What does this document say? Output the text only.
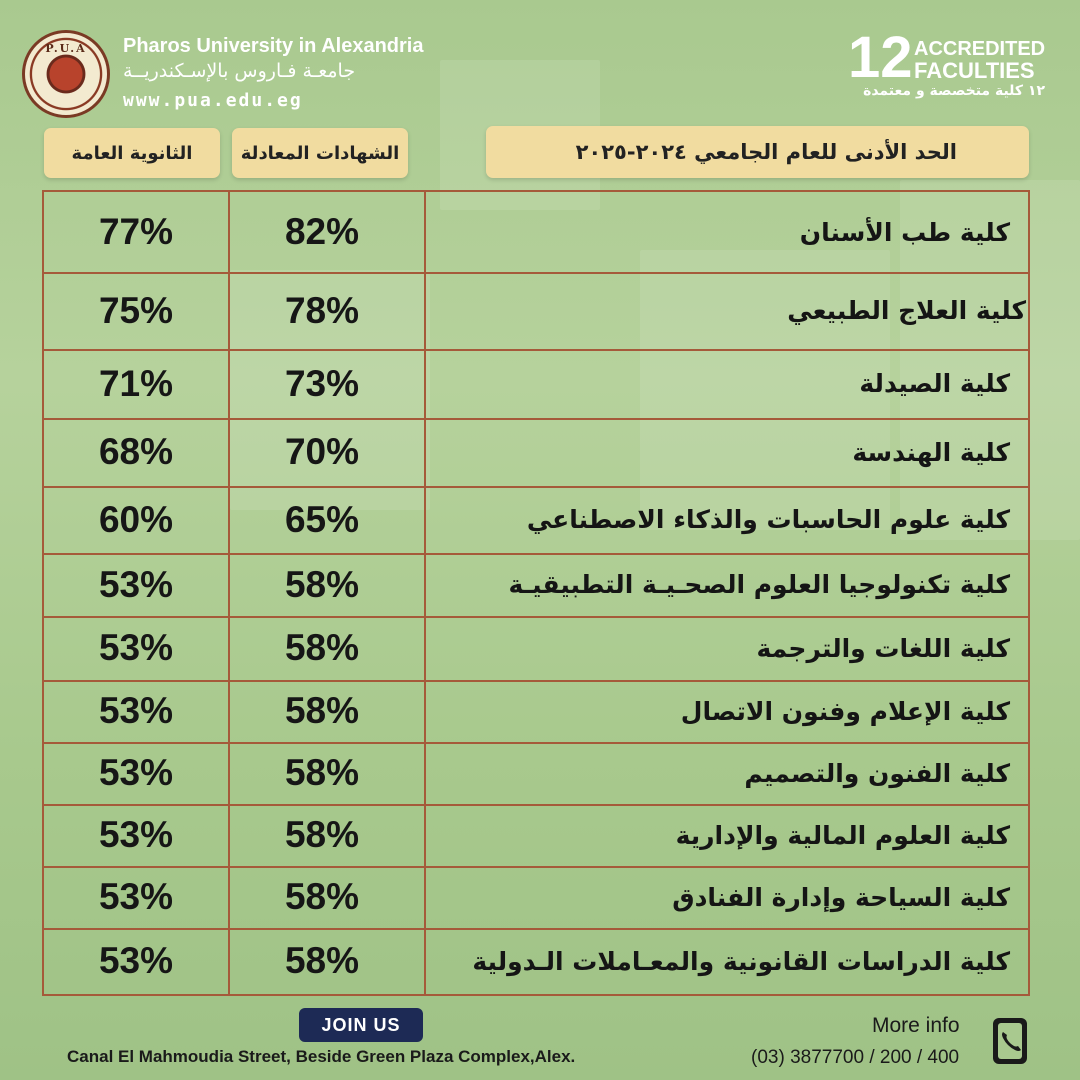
P.U.A	Pharos University in Alexandria
جامعـة فـاروس بالإسـكندريــة
www.pua.edu.eg
12 ACCREDITED
FACULTIES
١٢ كلية متخصصة و معتمدة
الحد الأدنى للعام الجامعي ٢٠٢٤-٢٠٢٥
الشهادات المعادلة
الثانوية العامة
كلية طب الأسنان
82%
77%
كلية العلاج الطبيعي
78%
75%
كلية الصيدلة
73%
71%
كلية الهندسة
70%
68%
كلية علوم الحاسبات والذكاء الاصطناعي
65%
60%
كلية تكنولوجيا العلوم الصحـيـة التطبيقيـة
58%
53%
كلية اللغات والترجمة
58%
53%
كلية الإعلام وفنون الاتصال
58%
53%
كلية الفنون والتصميم
58%
53%
كلية العلوم المالية والإدارية
58%
53%
كلية السياحة وإدارة الفنادق
58%
53%
كلية الدراسات القانونية والمعـاملات الـدولية
58%
53%
JOIN US
Canal El Mahmoudia Street, Beside Green Plaza Complex,Alex.
More info
(03) 3877700 / 200 / 400
